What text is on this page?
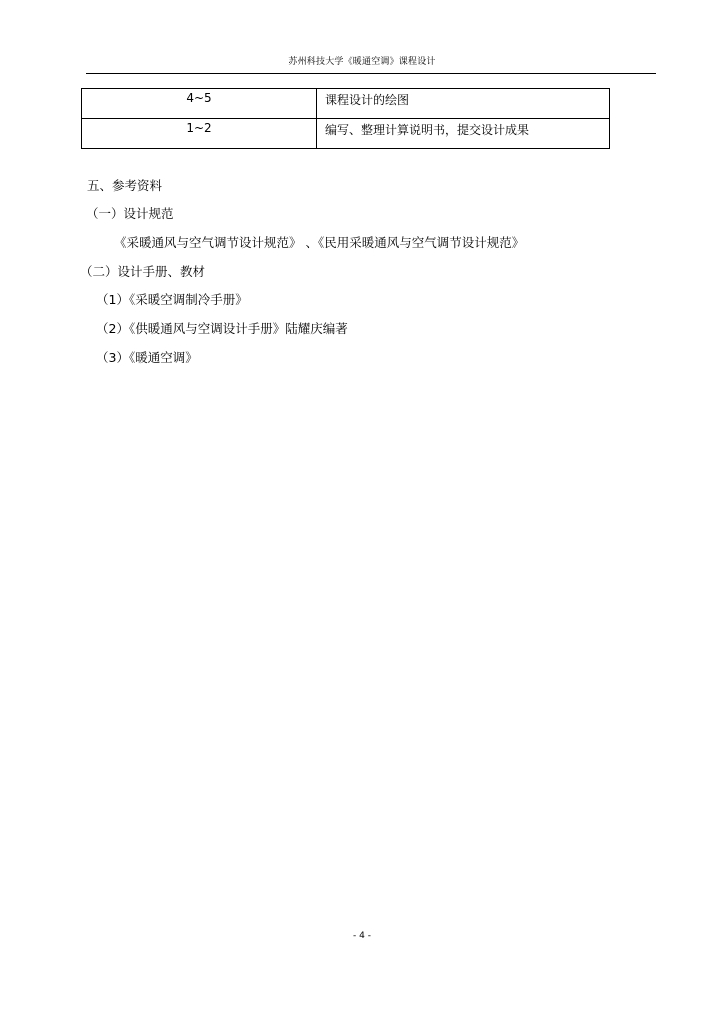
苏州科技大学《暖通空调》课程设计
4~5	课程设计的绘图
1~2	编写、整理计算说明书，提交设计成果
五、参考资料
（一）设计规范
《采暖通风与空气调节设计规范》 、《民用采暖通风与空气调节设计规范》
（二）设计手册、教材
（1）《采暖空调制冷手册》
（2）《供暖通风与空调设计手册》陆耀庆编著
（3）《暖通空调》
- 4 -
